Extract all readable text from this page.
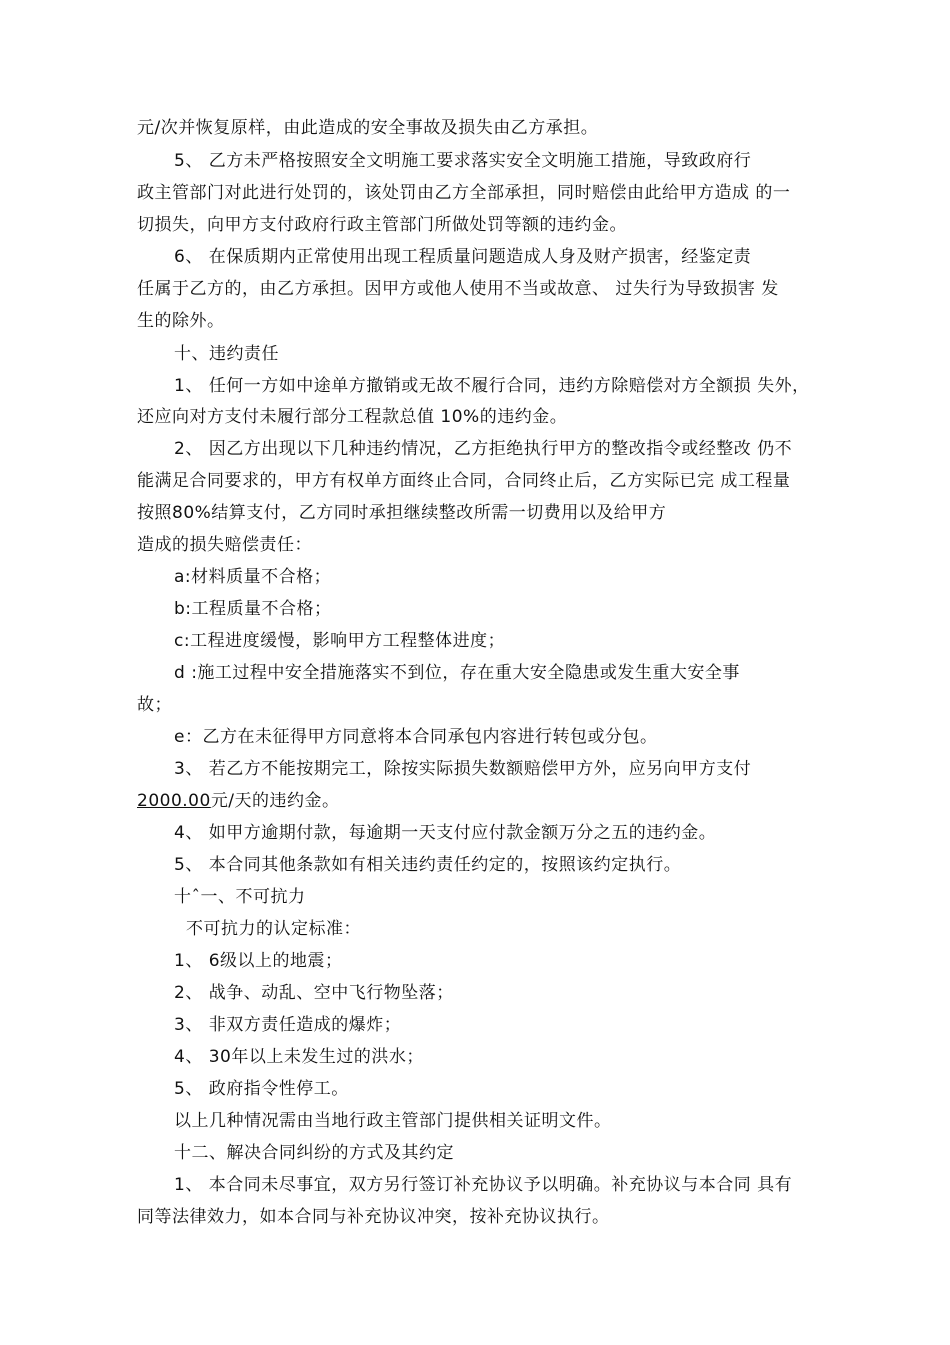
元/次并恢复原样，由此造成的安全事故及损失由乙方承担。
5、 乙方未严格按照安全文明施工要求落实安全文明施工措施，导致政府行
政主管部门对此进行处罚的，该处罚由乙方全部承担，同时赔偿由此给甲方造成 的一
切损失，向甲方支付政府行政主管部门所做处罚等额的违约金。
6、 在保质期内正常使用出现工程质量问题造成人身及财产损害，经鉴定责
任属于乙方的，由乙方承担。因甲方或他人使用不当或故意、 过失行为导致损害 发
生的除外。
十、违约责任
1、 任何一方如中途单方撤销或无故不履行合同，违约方除赔偿对方全额损 失外，
还应向对方支付未履行部分工程款总值 10%的违约金。
2、 因乙方出现以下几种违约情况，乙方拒绝执行甲方的整改指令或经整改 仍不
能满足合同要求的，甲方有权单方面终止合同，合同终止后，乙方实际已完 成工程量
按照80%结算支付，乙方同时承担继续整改所需一切费用以及给甲方
造成的损失赔偿责任：
a:材料质量不合格；
b:工程质量不合格；
c:工程进度缓慢，影响甲方工程整体进度；
d :施工过程中安全措施落实不到位，存在重大安全隐患或发生重大安全事
故；
e：乙方在未征得甲方同意将本合同承包内容进行转包或分包。
3、 若乙方不能按期完工，除按实际损失数额赔偿甲方外，应另向甲方支付
2000.00元/天的违约金。
4、 如甲方逾期付款，每逾期一天支付应付款金额万分之五的违约金。
5、 本合同其他条款如有相关违约责任约定的，按照该约定执行。
十ˆ一、不可抗力
不可抗力的认定标准：
1、 6级以上的地震；
2、 战争、动乱、空中飞行物坠落；
3、 非双方责任造成的爆炸；
4、 30年以上未发生过的洪水；
5、 政府指令性停工。
以上几种情况需由当地行政主管部门提供相关证明文件。
十二、解决合同纠纷的方式及其约定
1、 本合同未尽事宜，双方另行签订补充协议予以明确。补充协议与本合同 具有
同等法律效力，如本合同与补充协议冲突，按补充协议执行。
